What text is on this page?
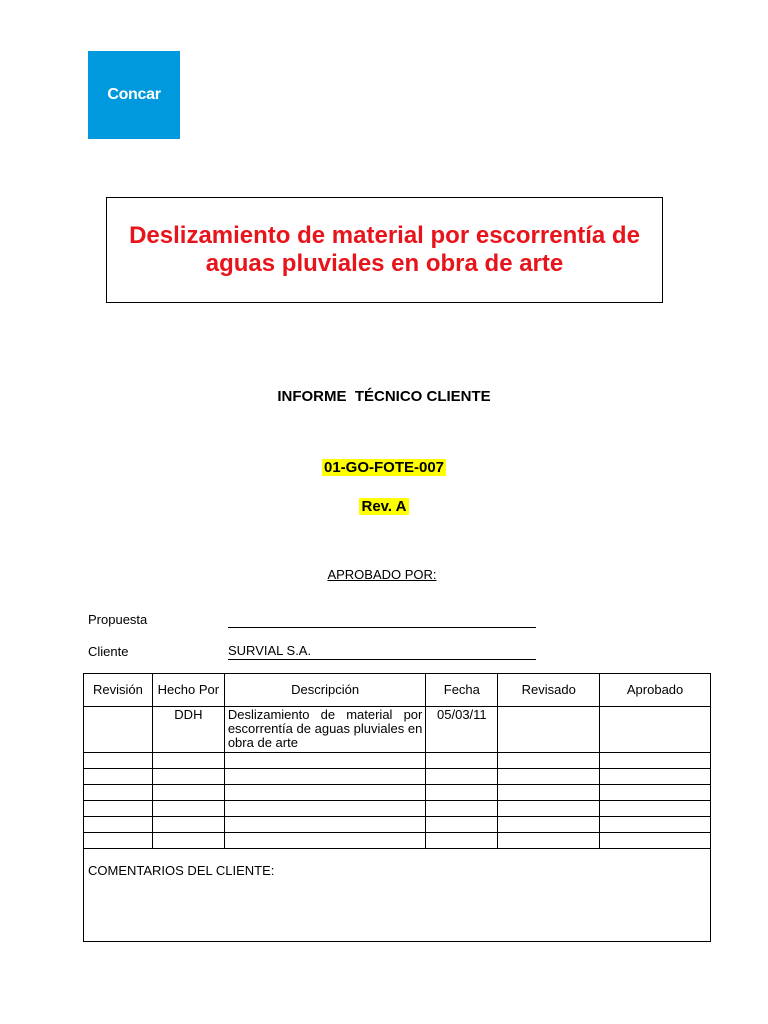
Concar
Deslizamiento de material por escorrentía de aguas pluviales en obra de arte
INFORME  TÉCNICO CLIENTE
01-GO-FOTE-007
Rev. A
APROBADO POR:
Propuesta
Cliente	SURVIAL S.A.
Revisión	Hecho Por	Descripción	Fecha	Revisado	Aprobado
	DDH	Deslizamiento de material por escorrentía de aguas pluviales en obra de arte	05/03/11		

COMENTARIOS DEL CLIENTE:					
